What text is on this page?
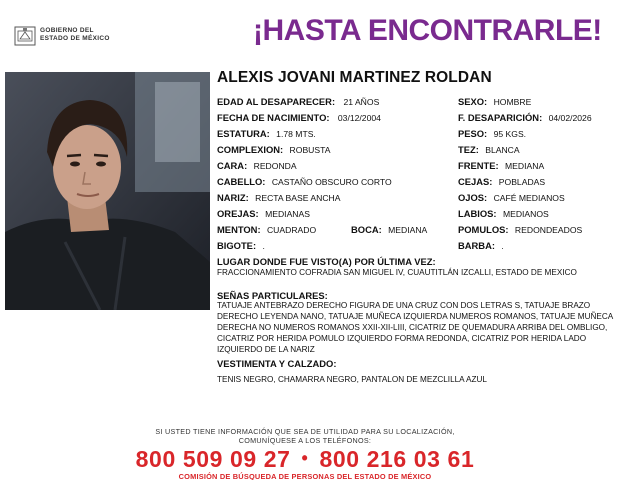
GOBIERNO DEL
ESTADO DE MÉXICO	¡HASTA ENCONTRARLE!
ALEXIS JOVANI MARTINEZ ROLDAN
EDAD AL DESAPARECER: 21 AÑOS
FECHA DE NACIMIENTO: 03/12/2004
ESTATURA: 1.78 MTS.
COMPLEXION: ROBUSTA
CARA: REDONDA
CABELLO: CASTAÑO OBSCURO CORTO
NARIZ: RECTA BASE ANCHA
OREJAS: MEDIANAS
MENTON: CUADRADO	BOCA: MEDIANA
BIGOTE: .
SEXO: HOMBRE
F. DESAPARICIÓN: 04/02/2026
PESO: 95 KGS.
TEZ: BLANCA
FRENTE: MEDIANA
CEJAS: POBLADAS
OJOS: CAFÉ MEDIANOS
LABIOS: MEDIANOS
POMULOS: REDONDEADOS
BARBA: .
LUGAR DONDE FUE VISTO(A) POR ÚLTIMA VEZ:
FRACCIONAMIENTO COFRADIA SAN MIGUEL IV, CUAUTITLÁN IZCALLI, ESTADO DE MEXICO
SEÑAS PARTICULARES:
TATUAJE ANTEBRAZO DERECHO FIGURA DE UNA CRUZ CON DOS LETRAS S, TATUAJE BRAZO DERECHO LEYENDA NANO, TATUAJE MUÑECA IZQUIERDA NUMEROS ROMANOS, TATUAJE MUÑECA DERECHA NO NUMEROS ROMANOS XXII-XII-LIII, CICATRIZ DE QUEMADURA ARRIBA DEL OMBLIGO, CICATRIZ POR HERIDA POMULO IZQUIERDO FORMA REDONDA, CICATRIZ POR HERIDA LADO IZQUIERDO DE LA NARIZ
VESTIMENTA Y CALZADO:
TENIS NEGRO, CHAMARRA NEGRO, PANTALON DE MEZCLILLA AZUL
SI USTED TIENE INFORMACIÓN QUE SEA DE UTILIDAD PARA SU LOCALIZACIÓN,
COMUNÍQUESE A LOS TELÉFONOS:
800 509 09 27 • 800 216 03 61
COMISIÓN DE BÚSQUEDA DE PERSONAS DEL ESTADO DE MÉXICO
